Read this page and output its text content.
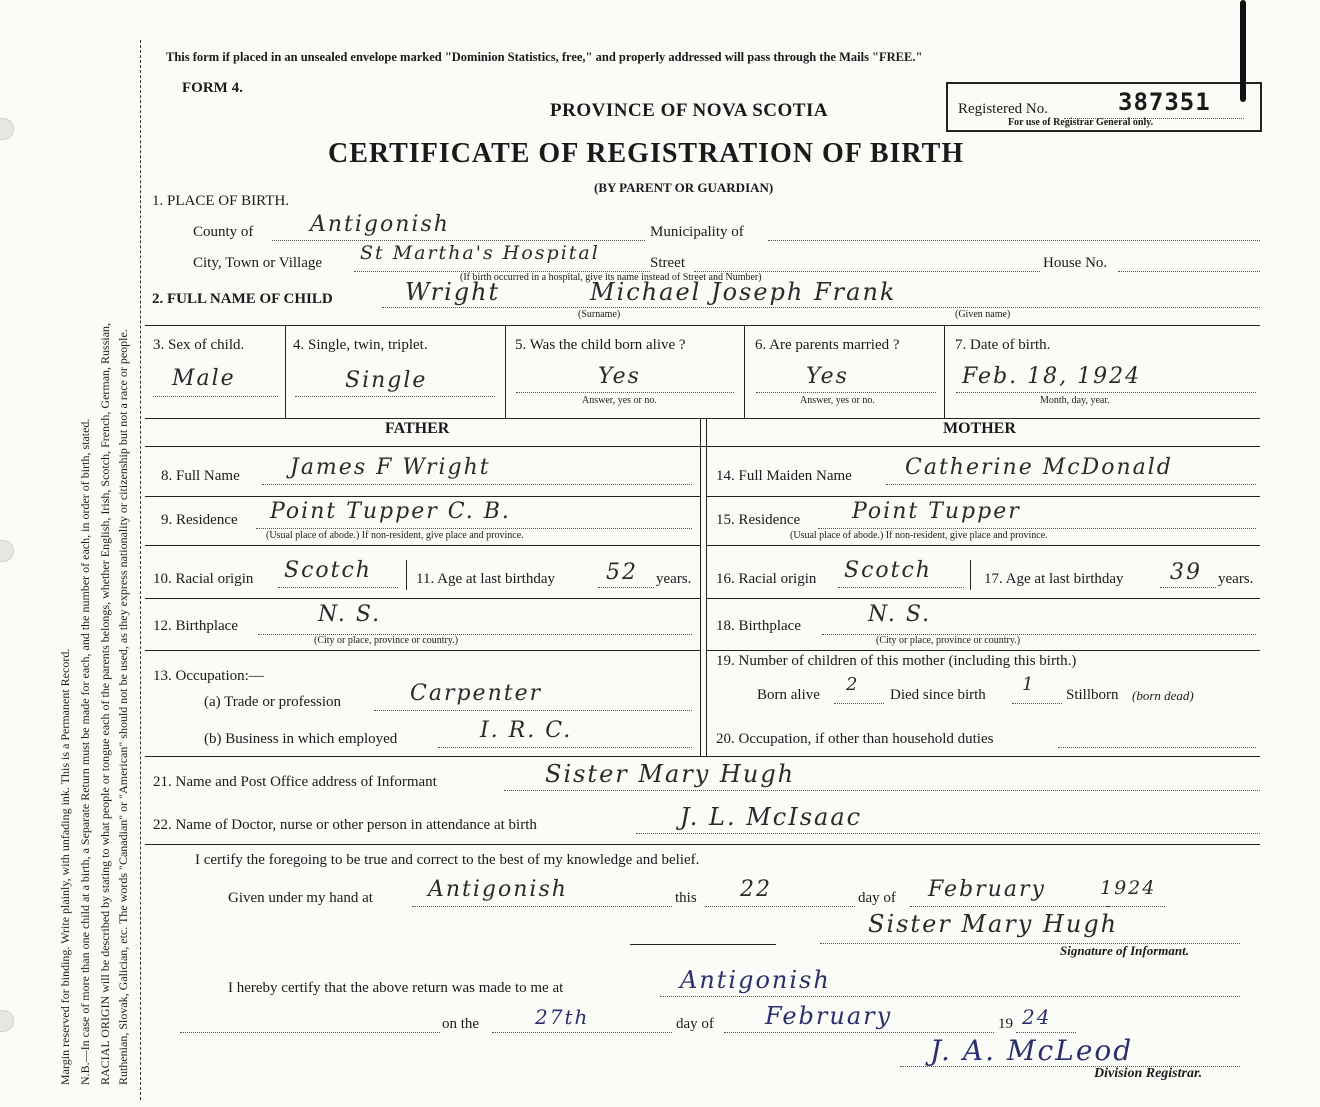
Margin reserved for binding. Write plainly, with unfading ink. This is a Permanent Record. N.B.—In case of more than one child at a birth, a Separate Return must be made for each, and the number of each, in order of birth, stated. RACIAL ORIGIN will be described by stating to what people or tongue each of the parents belongs, whether English, Irish, Scotch, French, German, Russian, Ruthenian, Slovak, Galician, etc. The words "Canadian" or "American" should not be used, as they express nationality or citizenship but not a race or people.
This form if placed in an unsealed envelope marked "Dominion Statistics, free," and properly addressed will pass through the Mails "FREE."
FORM 4.
PROVINCE OF NOVA SCOTIA	Registered No.	387351
For use of Registrar General only.
CERTIFICATE OF REGISTRATION OF BIRTH
(BY PARENT OR GUARDIAN)
1. PLACE OF BIRTH.
County of	Antigonish	Municipality of
City, Town or Village St Martha's Hospital	Street	House No.
(If birth occurred in a hospital, give its name instead of Street and Number)
2. FULL NAME OF CHILD	Wright	Michael Joseph Frank
(Surname)	(Given name)
3. Sex of child.
Male
4. Single, twin, triplet.
Single
5. Was the child born alive ?
Yes
Answer, yes or no.
6. Are parents married ?
Yes
Answer, yes or no.
7. Date of birth.
Feb. 18, 1924
Month, day, year.
FATHER	MOTHER
8. Full Name James F Wright
9. Residence Point Tupper C. B.
(Usual place of abode.) If non-resident, give place and province.
10. Racial origin Scotch	11. Age at last birthday 52 years.
12. Birthplace	N. S.
(City or place, province or country.)
13. Occupation:—
(a) Trade or profession	Carpenter
(b) Business in which employed	I. R. C.
14. Full Maiden Name Catherine McDonald
15. Residence Point Tupper
(Usual place of abode.) If non-resident, give place and province.
16. Racial origin Scotch	17. Age at last birthday 39 years.
18. Birthplace	N. S.
(City or place, province or country.)
19. Number of children of this mother (including this birth.)
Born alive 2 Died since birth 1 Stillborn (born dead)
20. Occupation, if other than household duties
21. Name and Post Office address of Informant	Sister Mary Hugh
22. Name of Doctor, nurse or other person in attendance at birth	J. L. McIsaac
I certify the foregoing to be true and correct to the best of my knowledge and belief.
Given under my hand at	Antigonish	this 22	day of February	1924
Sister Mary Hugh
Signature of Informant.
I hereby certify that the above return was made to me at	Antigonish
on the	27th	day of February	19 24
J. A. McLeod
Division Registrar.
